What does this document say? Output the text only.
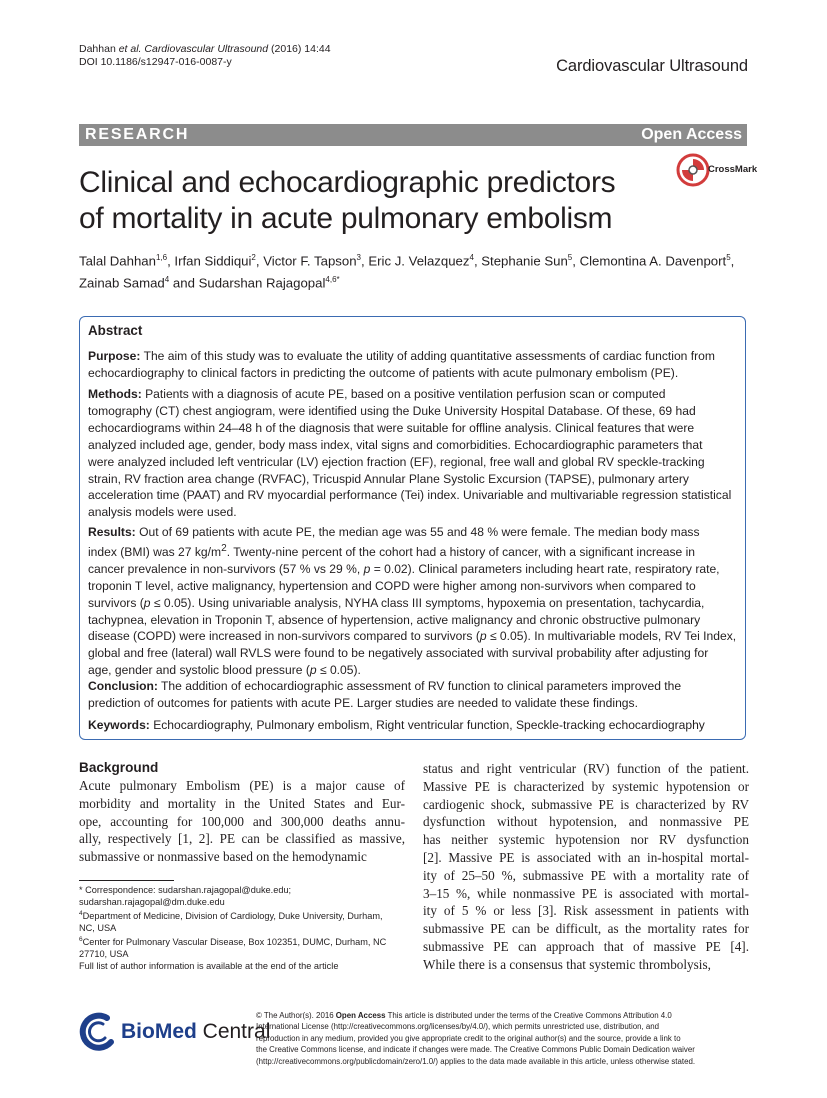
Dahhan et al. Cardiovascular Ultrasound (2016) 14:44
DOI 10.1186/s12947-016-0087-y	Cardiovascular Ultrasound
RESEARCH	Open Access
Clinical and echocardiographic predictors
of mortality in acute pulmonary embolism
CrossMark
Talal Dahhan$^{1,6}$, Irfan Siddiqui$^2$, Victor F. Tapson$^3$, Eric J. Velazquez$^4$, Stephanie Sun$^5$, Clemontina A. Davenport$^5$,
Zainab Samad$^4$ and Sudarshan Rajagopal$^{4,6*}$
Abstract
Purpose: The aim of this study was to evaluate the utility of adding quantitative assessments of cardiac function from
echocardiography to clinical factors in predicting the outcome of patients with acute pulmonary embolism (PE).
Methods: Patients with a diagnosis of acute PE, based on a positive ventilation perfusion scan or computed
tomography (CT) chest angiogram, were identified using the Duke University Hospital Database. Of these, 69 had
echocardiograms within 24–48 h of the diagnosis that were suitable for offline analysis. Clinical features that were
analyzed included age, gender, body mass index, vital signs and comorbidities. Echocardiographic parameters that
were analyzed included left ventricular (LV) ejection fraction (EF), regional, free wall and global RV speckle-tracking
strain, RV fraction area change (RVFAC), Tricuspid Annular Plane Systolic Excursion (TAPSE), pulmonary artery
acceleration time (PAAT) and RV myocardial performance (Tei) index. Univariable and multivariable regression statistical
analysis models were used.
Results: Out of 69 patients with acute PE, the median age was 55 and 48 % were female. The median body mass
index (BMI) was 27 $kg/m^2$. Twenty-nine percent of the cohort had a history of cancer, with a significant increase in
cancer prevalence in non-survivors (57 % vs 29 %, p = 0.02). Clinical parameters including heart rate, respiratory rate,
troponin T level, active malignancy, hypertension and COPD were higher among non-survivors when compared to
survivors (p ≤ 0.05). Using univariable analysis, NYHA class III symptoms, hypoxemia on presentation, tachycardia,
tachypnea, elevation in Troponin T, absence of hypertension, active malignancy and chronic obstructive pulmonary
disease (COPD) were increased in non-survivors compared to survivors (p ≤ 0.05). In multivariable models, RV Tei Index,
global and free (lateral) wall RVLS were found to be negatively associated with survival probability after adjusting for
age, gender and systolic blood pressure (p ≤ 0.05).
Conclusion: The addition of echocardiographic assessment of RV function to clinical parameters improved the
prediction of outcomes for patients with acute PE. Larger studies are needed to validate these findings.
Keywords: Echocardiography, Pulmonary embolism, Right ventricular function, Speckle-tracking echocardiography
Background
Acute pulmonary Embolism (PE) is a major cause of
morbidity and mortality in the United States and Eur-
ope, accounting for 100,000 and 300,000 deaths annu-
ally, respectively [1, 2]. PE can be classified as massive,
submassive or nonmassive based on the hemodynamic
status and right ventricular (RV) function of the patient.
Massive PE is characterized by systemic hypotension or
cardiogenic shock, submassive PE is characterized by RV
dysfunction without hypotension, and nonmassive PE
has neither systemic hypotension nor RV dysfunction
[2]. Massive PE is associated with an in-hospital mortal-
ity of 25–50 %, submassive PE with a mortality rate of
3–15 %, while nonmassive PE is associated with mortal-
ity of 5 % or less [3]. Risk assessment in patients with
submassive PE can be difficult, as the mortality rates for
submassive PE can approach that of massive PE [4].
While there is a consensus that systemic thrombolysis,
* Correspondence: sudarshan.rajagopal@duke.edu;
sudarshan.rajagopal@dm.duke.edu
$^4$Department of Medicine, Division of Cardiology, Duke University, Durham,
NC, USA
$^6$Center for Pulmonary Vascular Disease, Box 102351, DUMC, Durham, NC
27710, USA
Full list of author information is available at the end of the article
BioMed Central
© The Author(s). 2016 Open Access This article is distributed under the terms of the Creative Commons Attribution 4.0
International License (http://creativecommons.org/licenses/by/4.0/), which permits unrestricted use, distribution, and
reproduction in any medium, provided you give appropriate credit to the original author(s) and the source, provide a link to
the Creative Commons license, and indicate if changes were made. The Creative Commons Public Domain Dedication waiver
(http://creativecommons.org/publicdomain/zero/1.0/) applies to the data made available in this article, unless otherwise stated.
